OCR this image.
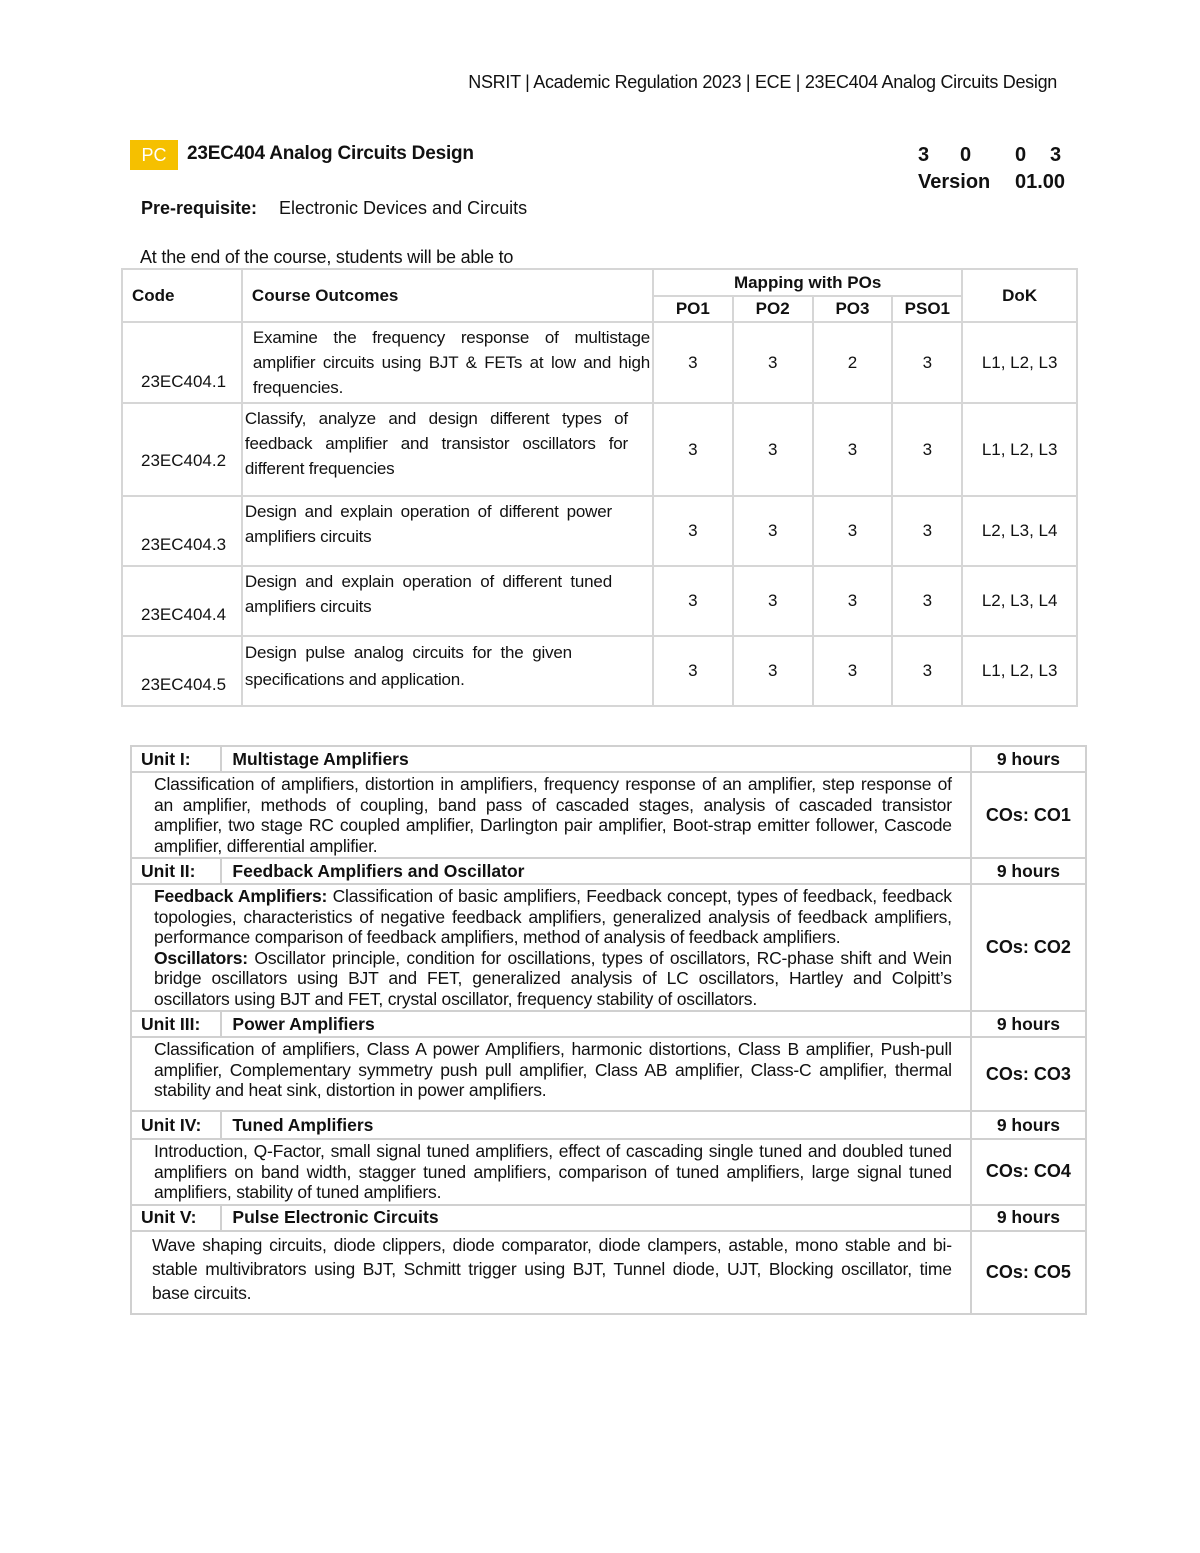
NSRIT | Academic Regulation 2023 | ECE | 23EC404 Analog Circuits Design
PC	23EC404 Analog Circuits Design	3 0 0 3
Version 01.00
Pre-requisite: Electronic Devices and Circuits
At the end of the course, students will be able to
Code	Course Outcomes	Mapping with POs				DoK
		PO1	PO2	PO3	PSO1	
23EC404.1	Examine the frequency response of multistage amplifier circuits using BJT & FETs at low and high frequencies.	3	3	2	3	L1, L2, L3
23EC404.2	Classify, analyze and design different types of feedback amplifier and transistor oscillators for different frequencies	3	3	3	3	L1, L2, L3
23EC404.3	Design and explain operation of different power amplifiers circuits	3	3	3	3	L2, L3, L4
23EC404.4	Design and explain operation of different tuned amplifiers circuits	3	3	3	3	L2, L3, L4
23EC404.5	Design pulse analog circuits for the given specifications and application.	3	3	3	3	L1, L2, L3
Unit I:	Multistage Amplifiers	9 hours
Classification of amplifiers, distortion in amplifiers, frequency response of an amplifier, step response of an amplifier, methods of coupling, band pass of cascaded stages, analysis of cascaded transistor amplifier, two stage RC coupled amplifier, Darlington pair amplifier, Boot-strap emitter follower, Cascode amplifier, differential amplifier.		COs: CO1
Unit II:	Feedback Amplifiers and Oscillator	9 hours
Feedback Amplifiers: Classification of basic amplifiers, Feedback concept, types of feedback, feedback topologies, characteristics of negative feedback amplifiers, generalized analysis of feedback amplifiers, performance comparison of feedback amplifiers, method of analysis of feedback amplifiers.
Oscillators: Oscillator principle, condition for oscillations, types of oscillators, RC-phase shift and Wein bridge oscillators using BJT and FET, generalized analysis of LC oscillators, Hartley and Colpitt’s oscillators using BJT and FET, crystal oscillator, frequency stability of oscillators.		COs: CO2
Unit III:	Power Amplifiers	9 hours
Classification of amplifiers, Class A power Amplifiers, harmonic distortions, Class B amplifier, Push-pull amplifier, Complementary symmetry push pull amplifier, Class AB amplifier, Class-C amplifier, thermal stability and heat sink, distortion in power amplifiers.		COs: CO3
Unit IV:	Tuned Amplifiers	9 hours
Introduction, Q-Factor, small signal tuned amplifiers, effect of cascading single tuned and doubled tuned amplifiers on band width, stagger tuned amplifiers, comparison of tuned amplifiers, large signal tuned amplifiers, stability of tuned amplifiers.		COs: CO4
Unit V:	Pulse Electronic Circuits	9 hours
Wave shaping circuits, diode clippers, diode comparator, diode clampers, astable, mono stable and bi-stable multivibrators using BJT, Schmitt trigger using BJT, Tunnel diode, UJT, Blocking oscillator, time base circuits.		COs: CO5
